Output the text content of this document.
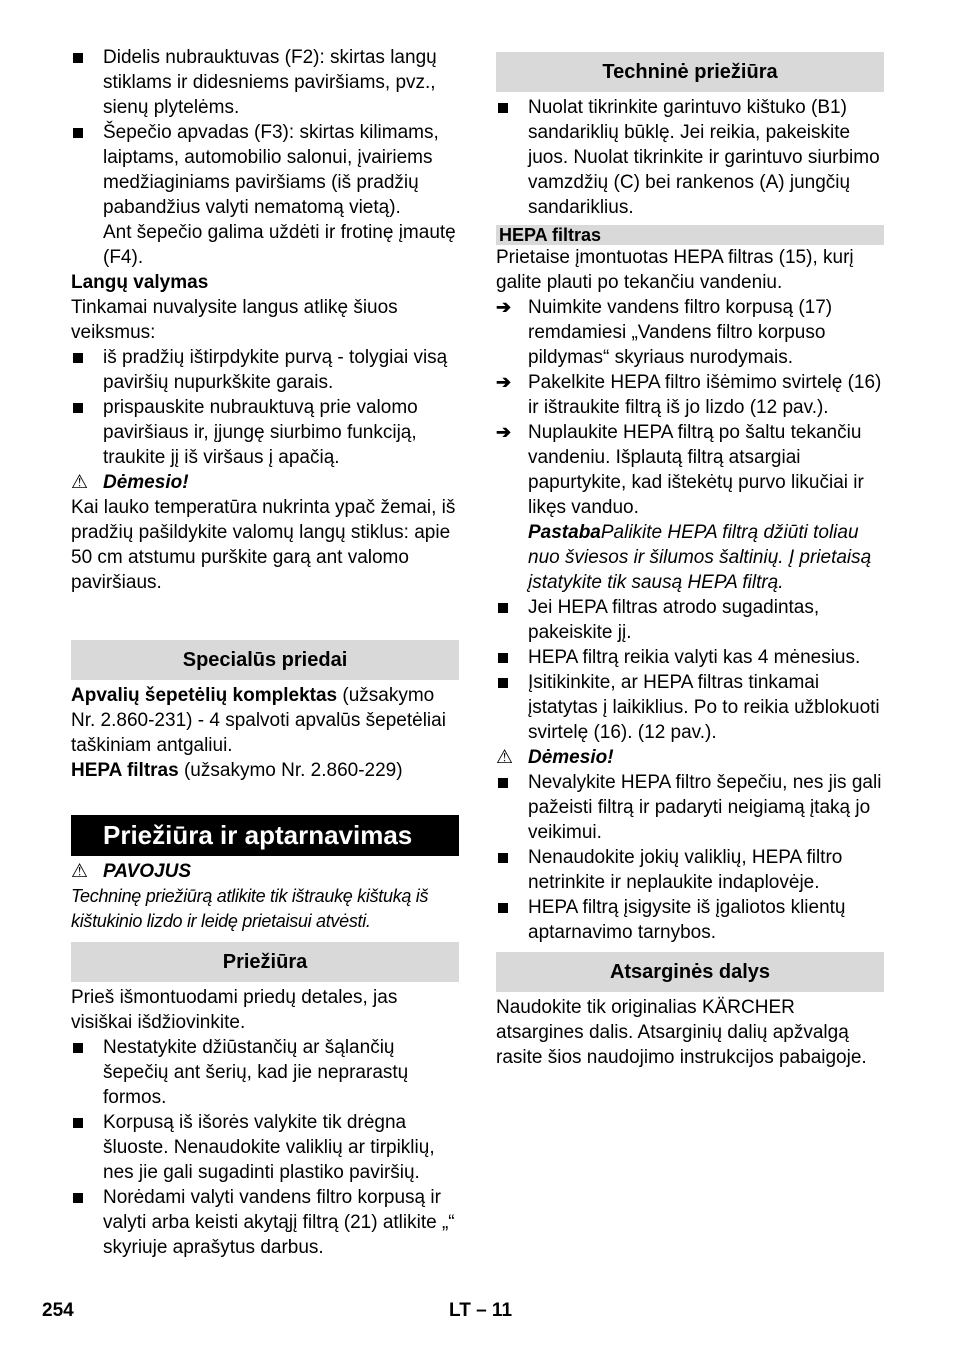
Didelis nubraukt​uvas (F2): skirtas langų stiklams ir didesniems paviršiams, pvz., sienų plytelėms.

Šepečio apvadas (F3): skirtas kilimams, laiptams, automobilio salonui, įvairiems medžiaginiams paviršiams (iš pradžių pabandžius valyti nematomą vietą).

Ant šepečio galima uždėti ir frotinę įmautę (F4).

Langų valymas

Tinkamai nuvalysite langus atlikę šiuos veiksmus:

iš pradžių ištirpdykite purvą - tolygiai visą paviršių nupurkškite garais.

prispauskite nubrauktuvą prie valomo paviršiaus ir, įjungę siurbimo funkciją, traukite jį iš viršaus į apačią.

⚠ Dėmesio!

Kai lauko temperatūra nukrinta ypač žemai, iš pradžių pašildykite valomų langų stiklus: apie 50 cm atstumu purškite garą ant valomo paviršiaus.

Specialūs priedai

Apvalių šepetėlių komplektas (užsakymo Nr. 2.860-231) - 4 spalvoti apvalūs šepetėliai taškiniam antgaliui.

HEPA filtras (užsakymo Nr. 2.860-229)

Priežiūra ir aptarnavimas

⚠ PAVOJUS

Techninę priežiūrą atlikite tik ištraukę kištuką iš kištukinio lizdo ir leidę prietaisui atvėsti.

Priežiūra

Prieš išmontuodami priedų detales, jas visiškai išdžiovinkite.

Nestatykite džiūstančių ar šąlančių šepečių ant šerių, kad jie neprarastų formos.

Korpusą iš išorės valykite tik drėgna šluoste. Nenaudokite valiklių ar tirpiklių, nes jie gali sugadinti plastiko paviršių.

Norėdami valyti vandens filtro korpusą ir valyti arba keisti akytąjį filtrą (21) atlikite „“ skyriuje aprašytus darbus.

Techninė priežiūra

Nuolat tikrinkite garintuvo kištuko (B1) sandariklių būklę. Jei reikia, pakeiskite juos. Nuolat tikrinkite ir garintuvo siurbimo vamzdžių (C) bei rankenos (A) jungčių sandariklius.

HEPA filtras

Prietaise įmontuotas HEPA filtras (15), kurį galite plauti po tekančiu vandeniu.

➔ Nuimkite vandens filtro korpusą (17) remdamiesi „Vandens filtro korpuso pildymas“ skyriaus nurodymais.

➔ Pakelkite HEPA filtro išėmimo svirtelę (16) ir ištraukite filtrą iš jo lizdo (12 pav.).

➔ Nuplaukite HEPA filtrą po šaltu tekančiu vandeniu. Išplautą filtrą atsargiai papurtykite, kad ištekėtų purvo likučiai ir likęs vanduo.

PastabaPalikite HEPA filtrą džiūti toliau nuo šviesos ir šilumos šaltinių. Į prietaisą įstatykite tik sausą HEPA filtrą.

Jei HEPA filtras atrodo sugadintas, pakeiskite jį.

HEPA filtrą reikia valyti kas 4 mėnesius.

Įsitikinkite, ar HEPA filtras tinkamai įstatytas į laikiklius. Po to reikia užblokuoti svirtelę (16). (12 pav.).

⚠ Dėmesio!

Nevalykite HEPA filtro šepečiu, nes jis gali pažeisti filtrą ir padaryti neigiamą įtaką jo veikimui.

Nenaudokite jokių valiklių, HEPA filtro netrinkite ir neplaukite indaplovėje.

HEPA filtrą įsigysite iš įgaliotos klientų aptarnavimo tarnybos.

Atsarginės dalys

Naudokite tik originalias KÄRCHER atsargines dalis. Atsarginių dalių apžvalgą rasite šios naudojimo instrukcijos pabaigoje.

254	LT – 11
